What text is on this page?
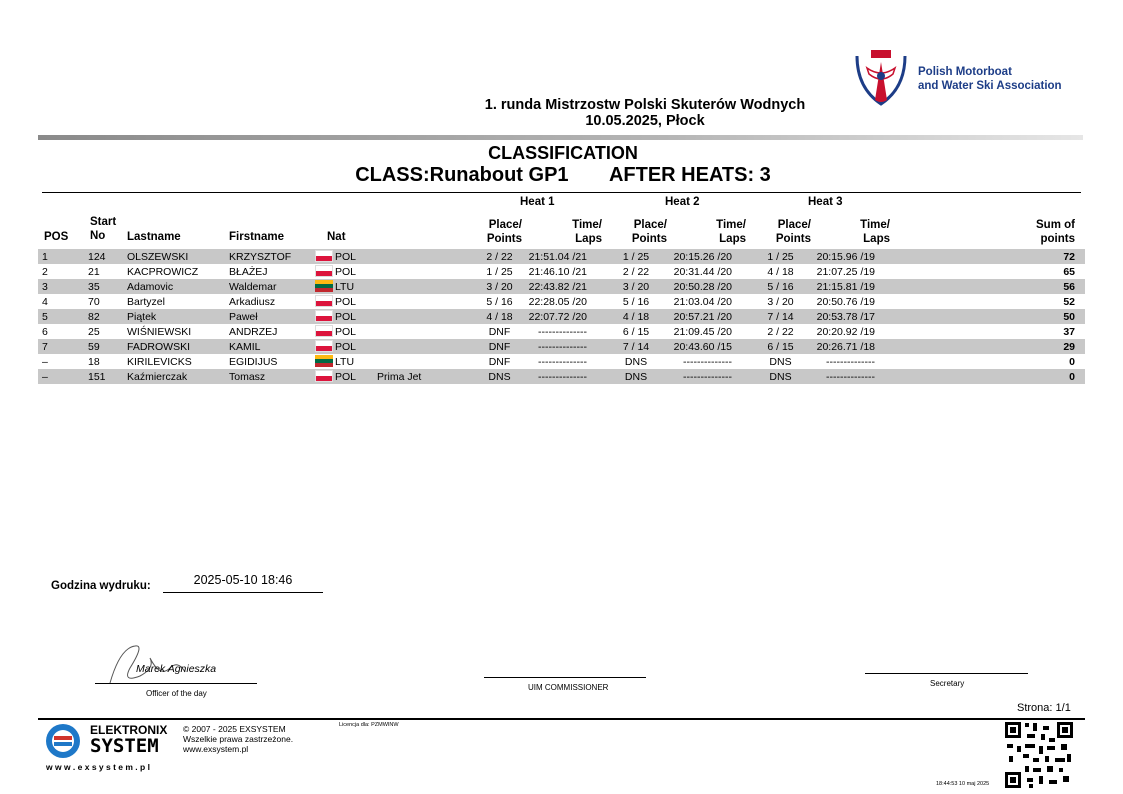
Polish Motorboat
and Water Ski Association
1. runda Mistrzostw Polski Skuterów Wodnych
10.05.2025, Płock
CLASSIFICATION
CLASS:Runabout GP1 AFTER HEATS: 3
Heat 1	Heat 2	Heat 3
POS
Start
No	Lastname	Firstname	Nat
Place/
Points
Time/
Laps
Place/
Points
Time/
Laps
Place/
Points
Time/
Laps
Sum of
points
1	124	OLSZEWSKI	KRZYSZTOF	POL		2 / 22	21:51.04 /21	1 / 25	20:15.26 /20	1 / 25	20:15.96 /19	72
2	21	KACPROWICZ	BŁAŻEJ	POL		1 / 25	21:46.10 /21	2 / 22	20:31.44 /20	4 / 18	21:07.25 /19	65
3	35	Adamovic	Waldemar	LTU		3 / 20	22:43.82 /21	3 / 20	20:50.28 /20	5 / 16	21:15.81 /19	56
4	70	Bartyzel	Arkadiusz	POL		5 / 16	22:28.05 /20	5 / 16	21:03.04 /20	3 / 20	20:50.76 /19	52
5	82	Piątek	Paweł	POL		4 / 18	22:07.72 /20	4 / 18	20:57.21 /20	7 / 14	20:53.78 /17	50
6	25	WIŚNIEWSKI	ANDRZEJ	POL		DNF	--------------	6 / 15	21:09.45 /20	2 / 22	20:20.92 /19	37
7	59	FADROWSKI	KAMIL	POL		DNF	--------------	7 / 14	20:43.60 /15	6 / 15	20:26.71 /18	29
–	18	KIRILEVICKS	EGIDIJUS	LTU		DNF	--------------	DNS	--------------	DNS	--------------	0
–	151	Kaźmierczak	Tomasz	POL	Prima Jet	DNS	--------------	DNS	--------------	DNS	--------------	0
Godzina wydruku:	2025-05-10 18:46
Marek Agnieszka
Officer of the day
UIM COMMISSIONER	Secretary
Strona: 1/1
ELEKTRONIX
SYSTEM
w w w . e x s y s t e m . p l
© 2007 - 2025 EXSYSTEM
Wszelkie prawa zastrzeżone.
www.exsystem.pl
Licencja dla: PZMWINW
18:44:53 10 maj 2025
